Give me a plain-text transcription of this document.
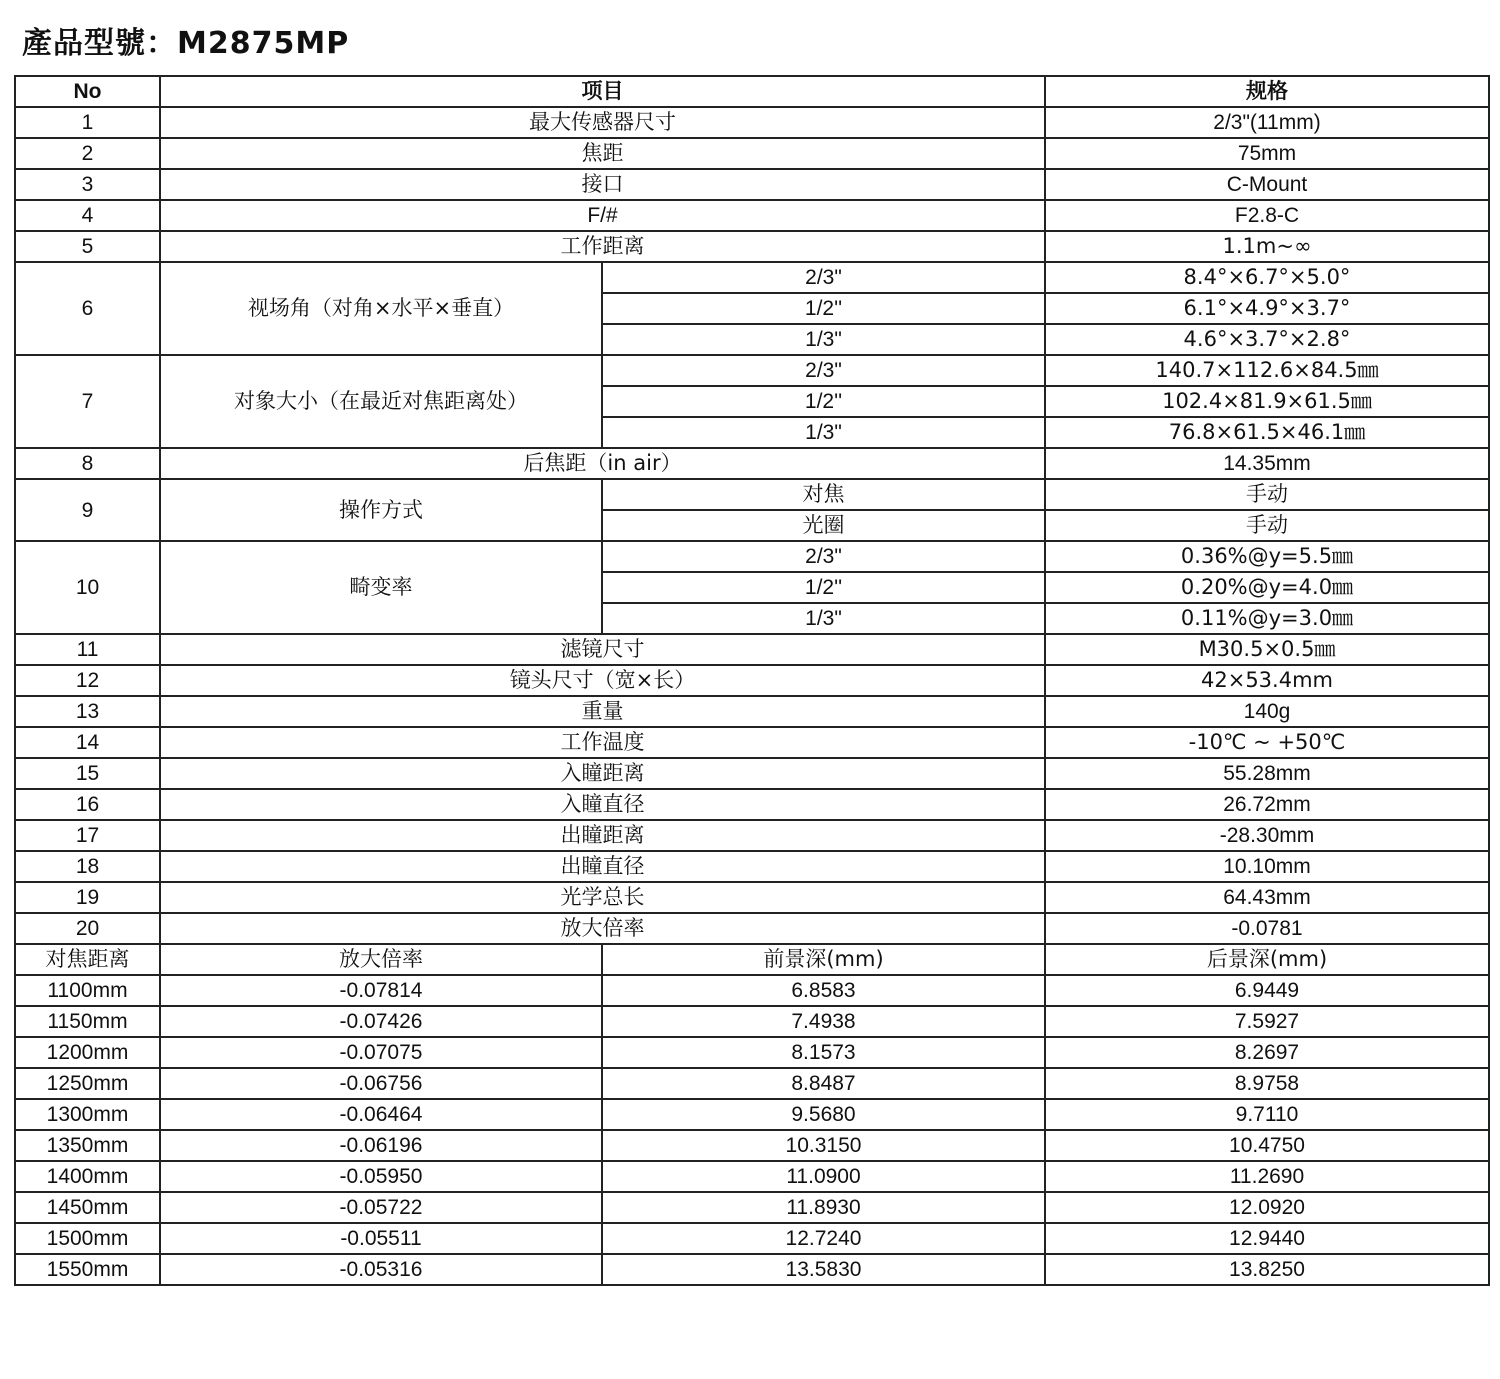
產品型號：M2875MP
No	项目		规格
1	最大传感器尺寸		2/3"(11mm)
2	焦距		75mm
3	接口		C-Mount
4	F/#		F2.8-C
5	工作距离		1.1m~∞
6	视场角（对角×水平×垂直）	2/3"	8.4°×6.7°×5.0°
		1/2''	6.1°×4.9°×3.7°
		1/3"	4.6°×3.7°×2.8°
7	对象大小（在最近对焦距离处）	2/3"	140.7×112.6×84.5㎜
		1/2''	102.4×81.9×61.5㎜
		1/3"	76.8×61.5×46.1㎜
8	后焦距（in air）		14.35mm
9	操作方式	对焦	手动
		光圈	手动
10	畸变率	2/3"	0.36%@y=5.5㎜
		1/2''	0.20%@y=4.0㎜
		1/3"	0.11%@y=3.0㎜
11	滤镜尺寸		M30.5×0.5㎜
12	镜头尺寸（宽×长）		42×53.4mm
13	重量		140g
14	工作温度		-10℃ ~ +50℃
15	入瞳距离		55.28mm
16	入瞳直径		26.72mm
17	出瞳距离		-28.30mm
18	出瞳直径		10.10mm
19	光学总长		64.43mm
20	放大倍率		-0.0781
对焦距离	放大倍率	前景深(mm)	后景深(mm)
1100mm	-0.07814	6.8583	6.9449
1150mm	-0.07426	7.4938	7.5927
1200mm	-0.07075	8.1573	8.2697
1250mm	-0.06756	8.8487	8.9758
1300mm	-0.06464	9.5680	9.7110
1350mm	-0.06196	10.3150	10.4750
1400mm	-0.05950	11.0900	11.2690
1450mm	-0.05722	11.8930	12.0920
1500mm	-0.05511	12.7240	12.9440
1550mm	-0.05316	13.5830	13.8250
